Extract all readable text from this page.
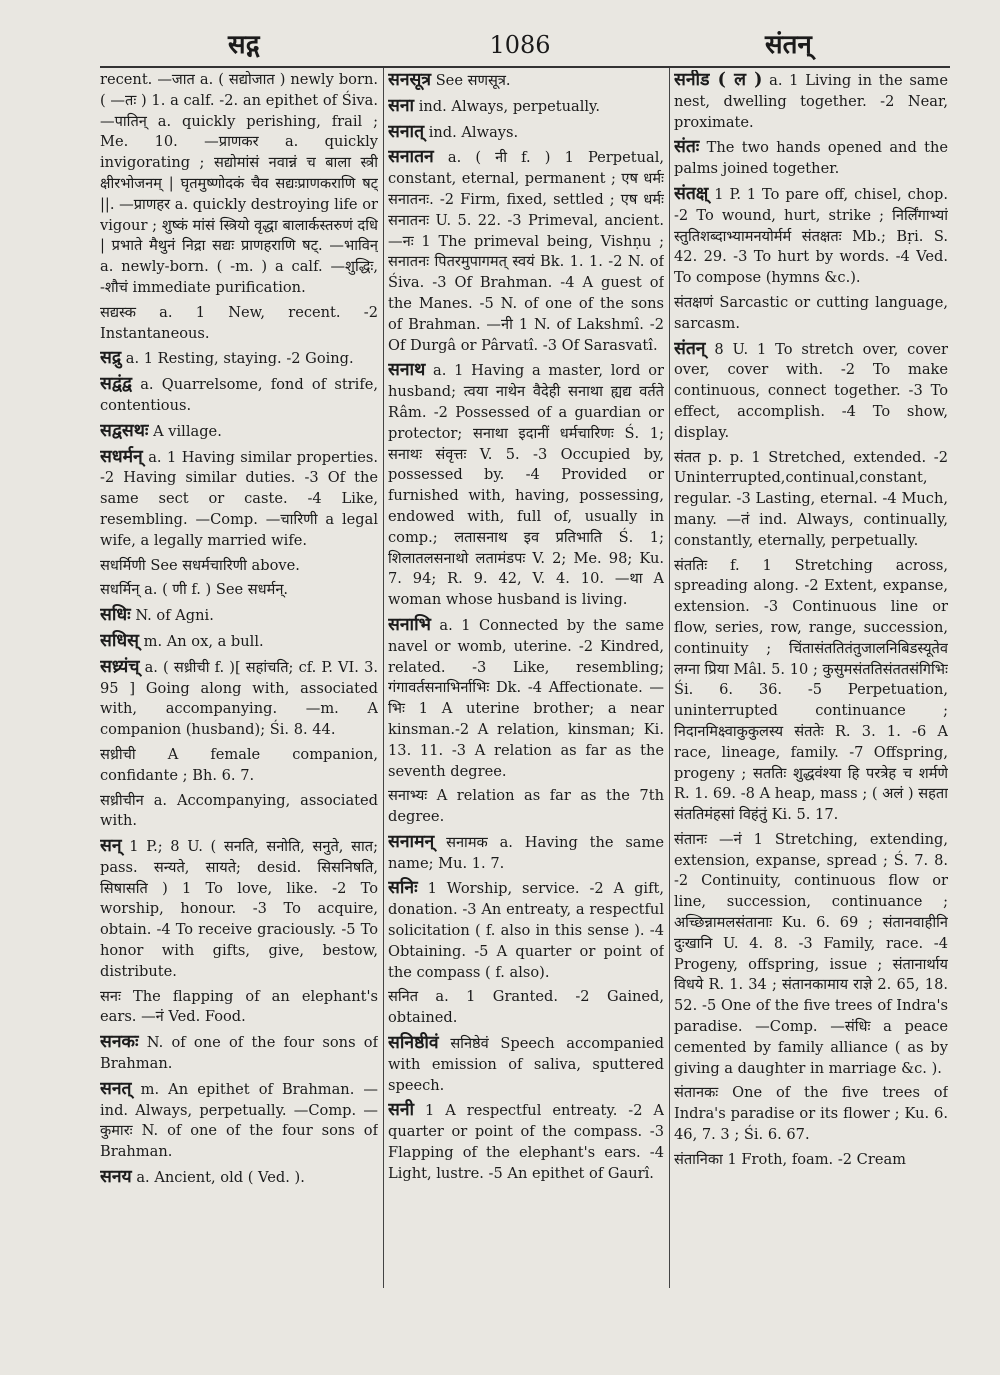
सद्ग	1086	संतन्

recent. —जात a. ( सद्योजात ) newly born. ( —तः ) 1. a calf. -2. an epithet of Śiva. —पातिन् a. quickly perishing, frail ; Me. 10. —प्राणकर a. quickly invigorating ; सद्योमांसं नवान्नं च बाला स्त्री क्षीरभोजनम् | घृतमुष्णोदकं चैव सद्यःप्राणकराणि षट् ||. —प्राणहर a. quickly destroying life or vigour ; शुष्कं मांसं स्त्रियो वृद्धा बालार्कस्तरुणं दधि | प्रभाते मैथुनं निद्रा सद्यः प्राणहराणि षट्. —भाविन् a. newly-born. ( -m. ) a calf. —शुद्धिः, -शौचं immediate purification.

सद्यस्क a. 1 New, recent. -2 Instantaneous.

सद्रु a. 1 Resting, staying. -2 Going.

सद्वंद्व a. Quarrelsome, fond of strife, contentious.

सद्वसथः A village.

सधर्मन् a. 1 Having similar properties. -2 Having similar duties. -3 Of the same sect or caste. -4 Like, resembling. —Comp. —चारिणी a legal wife, a legally married wife.

सधर्मिणी See सधर्मचारिणी above.

सधर्मिन् a. ( णी f. ) See सधर्मन्.

सधिः N. of Agni.

सधिस् m. An ox, a bull.

सध्र्यंच् a. ( सध्रीची f. )[ सहांचति; cf. P. VI. 3. 95 ] Going along with, associated with, accompanying. —m. A companion (husband); Śi. 8. 44.

सध्रीची A female companion, confidante ; Bh. 6. 7.

सध्रीचीन a. Accompanying, associated with.

सन् 1 P.; 8 U. ( सनति, सनोति, सनुते, सात; pass. सन्यते, सायते; desid. सिसनिषति, सिषासति ) 1 To love, like. -2 To worship, honour. -3 To acquire, obtain. -4 To receive graciously. -5 To honor with gifts, give, bestow, distribute.

सनः The flapping of an elephant's ears. —नं Ved. Food.

सनकः N. of one of the four sons of Brahman.

सनत् m. An epithet of Brahman. —ind. Always, perpetually. —Comp. —कुमारः N. of one of the four sons of Brahman.

सनय a. Ancient, old ( Ved. ).

सनसूत्र See सणसूत्र.

सना ind. Always, perpetually.

सनात् ind. Always.

सनातन a. ( नी f. ) 1 Perpetual, constant, eternal, permanent ; एष धर्मः सनातनः. -2 Firm, fixed, settled ; एष धर्मः सनातनः U. 5. 22. -3 Primeval, ancient. —नः 1 The primeval being, Vishṇu ; सनातनः पितरमुपागमत् स्वयं Bk. 1. 1. -2 N. of Śiva. -3 Of Brahman. -4 A guest of the Manes. -5 N. of one of the sons of Brahman. —नी 1 N. of Lakshmî. -2 Of Durgâ or Pârvatî. -3 Of Sarasvatî.

सनाथ a. 1 Having a master, lord or husband; त्वया नाथेन वैदेही सनाथा ह्यद्य वर्तते Râm. -2 Possessed of a guardian or protector; सनाथा इदानीं धर्मचारिणः Ś. 1; सनाथः संवृत्तः V. 5. -3 Occupied by, possessed by. -4 Provided or furnished with, having, possessing, endowed with, full of, usually in comp.; लतासनाथ इव प्रतिभाति Ś. 1; शिलातलसनाथो लतामंडपः V. 2; Me. 98; Ku. 7. 94; R. 9. 42, V. 4. 10. —था A woman whose husband is living.

सनाभि a. 1 Connected by the same navel or womb, uterine. -2 Kindred, related. -3 Like, resembling; गंगावर्तसनाभिर्नाभिः Dk. -4 Affectionate. —भिः 1 A uterine brother; a near kinsman.-2 A relation, kinsman; Ki. 13. 11. -3 A relation as far as the seventh degree.

सनाभ्यः A relation as far as the 7th degree.

सनामन् सनामक a. Having the same name; Mu. 1. 7.

सनिः 1 Worship, service. -2 A gift, donation. -3 An entreaty, a respectful solicitation ( f. also in this sense ). -4 Obtaining. -5 A quarter or point of the compass ( f. also).

सनित a. 1 Granted. -2 Gained, obtained.

सनिष्ठीवं सनिष्ठेवं Speech accompanied with emission of saliva, sputtered speech.

सनी 1 A respectful entreaty. -2 A quarter or point of the compass. -3 Flapping of the elephant's ears. -4 Light, lustre. -5 An epithet of Gaurî.

सनीड ( ल ) a. 1 Living in the same nest, dwelling together. -2 Near, proximate.

संतः The two hands opened and the palms joined together.

संतक्ष् 1 P. 1 To pare off, chisel, chop. -2 To wound, hurt, strike ; निर्लिंगाभ्यां स्तुतिशब्दाभ्यामनयोर्मर्म संतक्षतः Mb.; Bṛi. S. 42. 29. -3 To hurt by words. -4 Ved. To compose (hymns &c.).

संतक्षणं Sarcastic or cutting language, sarcasm.

संतन् 8 U. 1 To stretch over, cover over, cover with. -2 To make continuous, connect together. -3 To effect, accomplish. -4 To show, display.

संतत p. p. 1 Stretched, extended. -2 Uninterrupted,continual,constant, regular. -3 Lasting, eternal. -4 Much, many. —तं ind. Always, continually, constantly, eternally, perpetually.

संततिः f. 1 Stretching across, spreading along. -2 Extent, expanse, extension. -3 Continuous line or flow, series, row, range, succession, continuity ; चिंतासंततितंतुजालनिबिडस्यूतेव लग्ना प्रिया Mâl. 5. 10 ; कुसुमसंततिसंततसंगिभिः Śi. 6. 36. -5 Perpetuation, uninterrupted continuance ; निदानमिक्ष्वाकुकुलस्य संततेः R. 3. 1. -6 A race, lineage, family. -7 Offspring, progeny ; सततिः शुद्धवंश्या हि परत्रेह च शर्मणे R. 1. 69. -8 A heap, mass ; ( अलं ) सहता संततिमंहसां विहंतुं Ki. 5. 17.

संतानः —नं 1 Stretching, extending, extension, expanse, spread ; Ś. 7. 8. -2 Continuity, continuous flow or line, succession, continuance ; अच्छिन्नामलसंतानाः Ku. 6. 69 ; संतानवाहीनि दुःखानि U. 4. 8. -3 Family, race. -4 Progeny, offspring, issue ; संतानार्थाय विधये R. 1. 34 ; संतानकामाय राज्ञे 2. 65, 18. 52. -5 One of the five trees of Indra's paradise. —Comp. —संधिः a peace cemented by family alliance ( as by giving a daughter in marriage &c. ).

संतानकः One of the five trees of Indra's paradise or its flower ; Ku. 6. 46, 7. 3 ; Śi. 6. 67.

संतानिका 1 Froth, foam. -2 Cream
